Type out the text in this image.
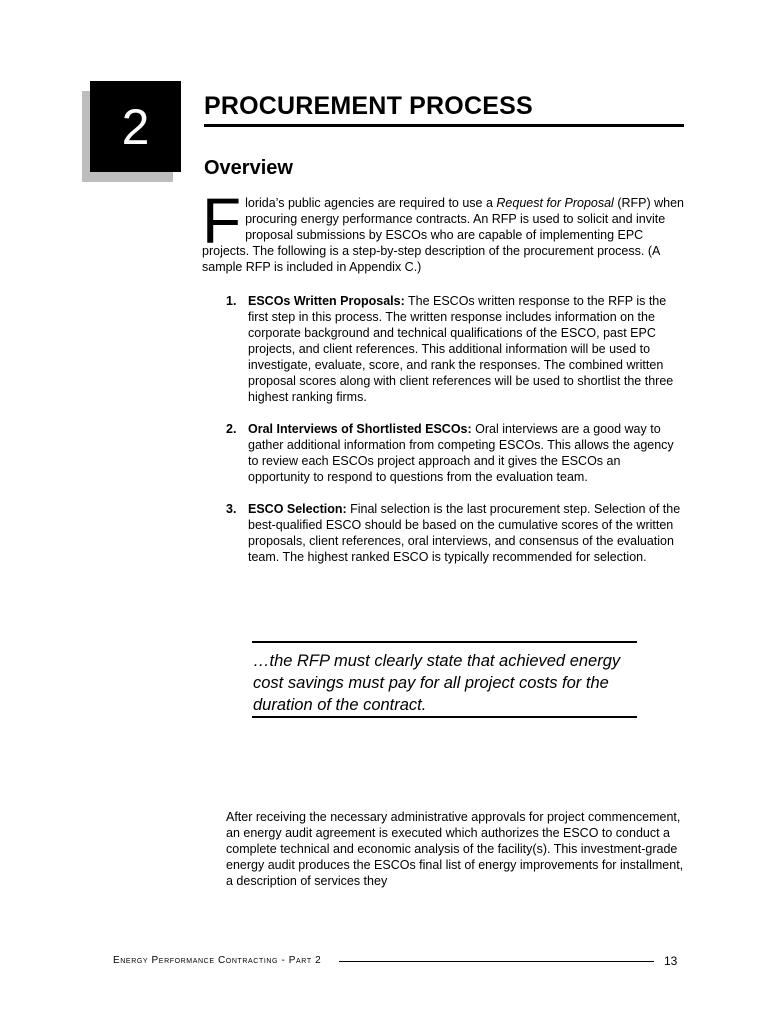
2 PROCUREMENT PROCESS
Overview
F lorida’s public agencies are required to use a Request for Proposal (RFP) when procuring energy performance contracts. An RFP is used to solicit and invite proposal submissions by ESCOs who are capable of implementing EPC projects. The following is a step-by-step description of the procurement process. (A sample RFP is included in Appendix C.)
1. ESCOs Written Proposals: The ESCOs written response to the RFP is the first step in this process. The written response includes information on the corporate background and technical qualifications of the ESCO, past EPC projects, and client references. This additional information will be used to investigate, evaluate, score, and rank the responses. The combined written proposal scores along with client references will be used to shortlist the three highest ranking firms.
2. Oral Interviews of Shortlisted ESCOs: Oral interviews are a good way to gather additional information from competing ESCOs. This allows the agency to review each ESCOs project approach and it gives the ESCOs an opportunity to respond to questions from the evaluation team.
3. ESCO Selection: Final selection is the last procurement step. Selection of the best-qualified ESCO should be based on the cumulative scores of the written proposals, client references, oral interviews, and consensus of the evaluation team. The highest ranked ESCO is typically recommended for selection.
…the RFP must clearly state that achieved energy cost savings must pay for all project costs for the duration of the contract.
After receiving the necessary administrative approvals for project commencement, an energy audit agreement is executed which authorizes the ESCO to conduct a complete technical and economic analysis of the facility(s). This investment-grade energy audit produces the ESCOs final list of energy improvements for installment, a description of services they
Energy Performance Contracting - Part 2	13
